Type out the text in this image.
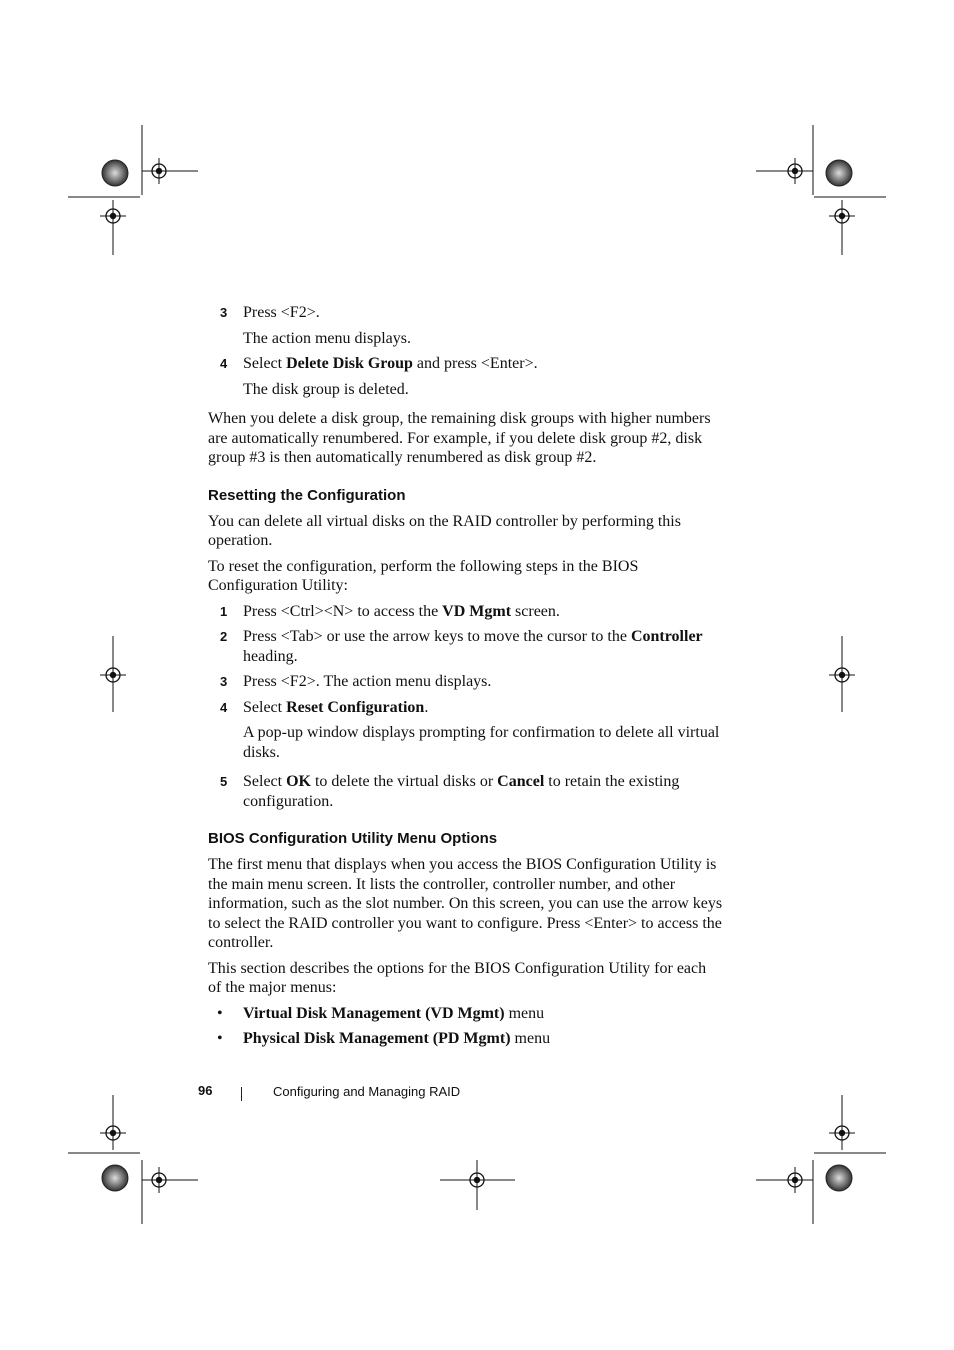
3 Press <F2>.
The action menu displays.
4 Select Delete Disk Group and press <Enter>.
The disk group is deleted.

When you delete a disk group, the remaining disk groups with higher numbers are automatically renumbered. For example, if you delete disk group #2, disk group #3 is then automatically renumbered as disk group #2.

Resetting the Configuration

You can delete all virtual disks on the RAID controller by performing this operation.

To reset the configuration, perform the following steps in the BIOS Configuration Utility:

1 Press <Ctrl><N> to access the VD Mgmt screen.
2 Press <Tab> or use the arrow keys to move the cursor to the Controller heading.
3 Press <F2>. The action menu displays.
4 Select Reset Configuration.
A pop-up window displays prompting for confirmation to delete all virtual disks.
5 Select OK to delete the virtual disks or Cancel to retain the existing configuration.
BIOS Configuration Utility Menu Options

The first menu that displays when you access the BIOS Configuration Utility is the main menu screen. It lists the controller, controller number, and other information, such as the slot number. On this screen, you can use the arrow keys to select the RAID controller you want to configure. Press <Enter> to access the controller.

This section describes the options for the BIOS Configuration Utility for each of the major menus:

• Virtual Disk Management (VD Mgmt) menu
• Physical Disk Management (PD Mgmt) menu
96	Configuring and Managing RAID
